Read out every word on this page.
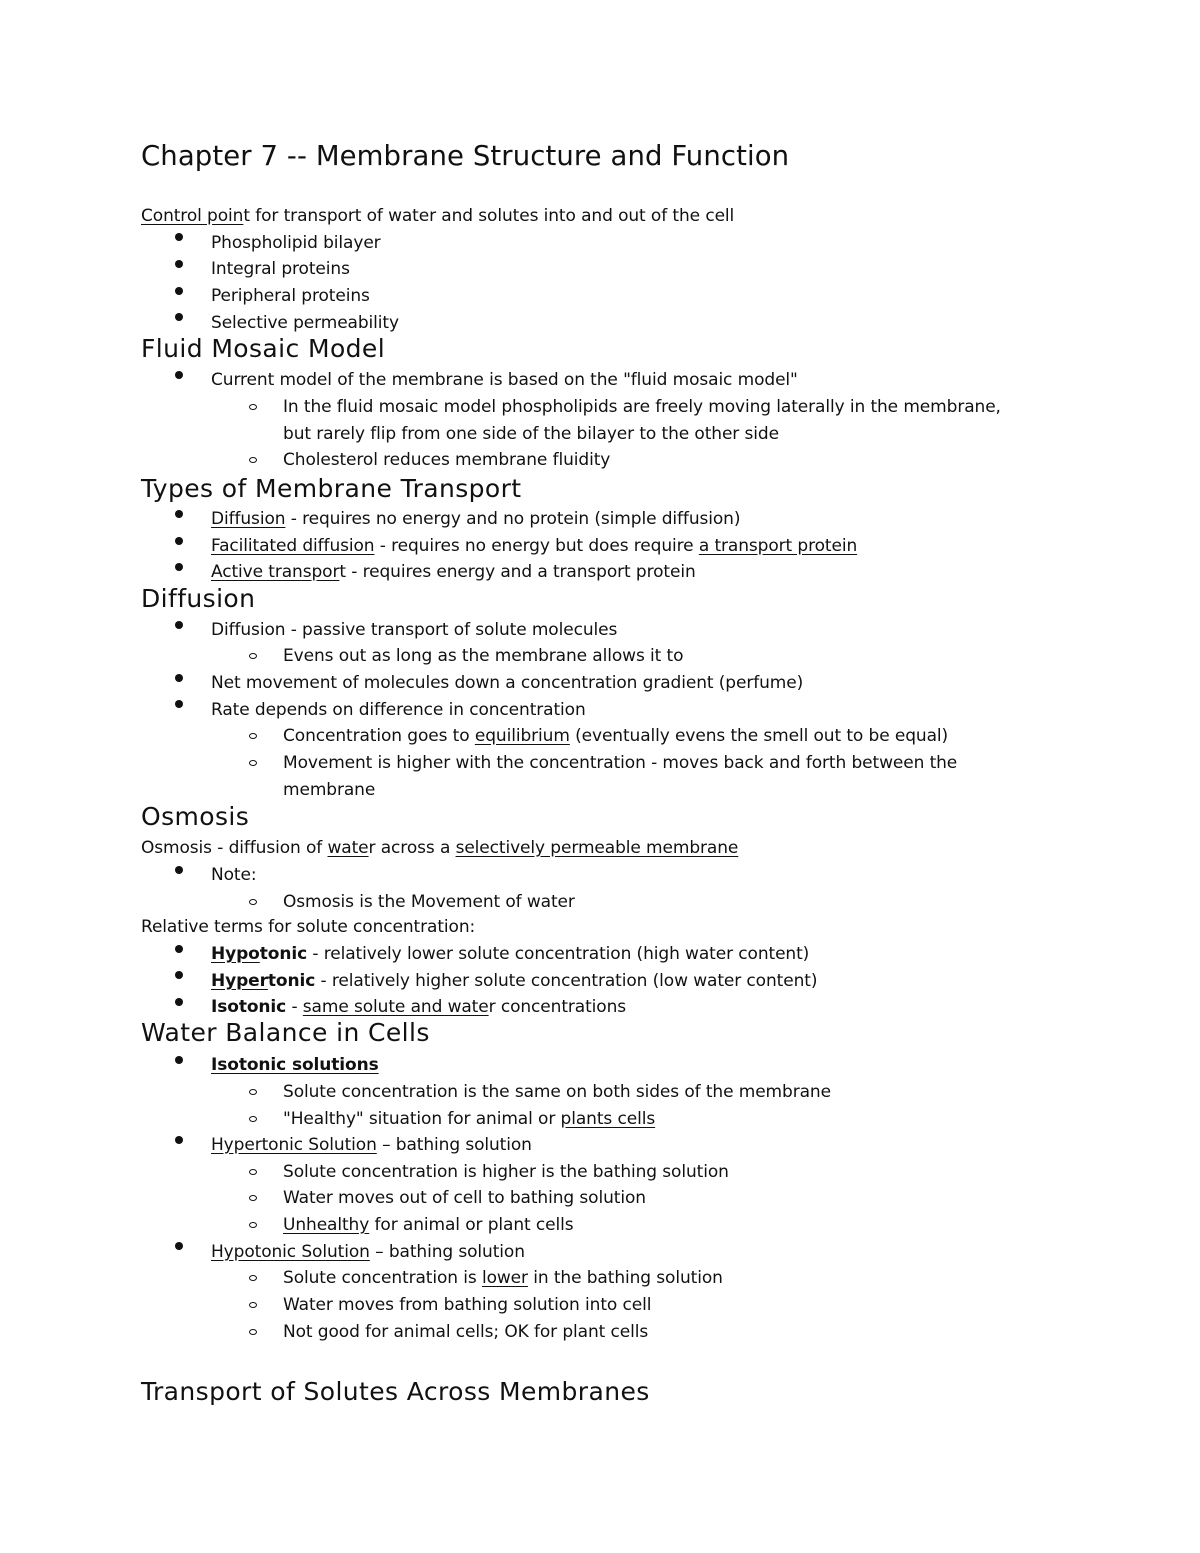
Chapter 7 -- Membrane Structure and Function
Control point for transport of water and solutes into and out of the cell
Phospholipid bilayer
Integral proteins
Peripheral proteins
Selective permeability
Fluid Mosaic Model
Current model of the membrane is based on the "fluid mosaic model"
In the fluid mosaic model phospholipids are freely moving laterally in the membrane,
but rarely flip from one side of the bilayer to the other side
Cholesterol reduces membrane fluidity
Types of Membrane Transport
Diffusion - requires no energy and no protein (simple diffusion)
Facilitated diffusion - requires no energy but does require a transport protein
Active transport - requires energy and a transport protein
Diffusion
Diffusion - passive transport of solute molecules
Evens out as long as the membrane allows it to
Net movement of molecules down a concentration gradient (perfume)
Rate depends on difference in concentration
Concentration goes to equilibrium (eventually evens the smell out to be equal)
Movement is higher with the concentration - moves back and forth between the
membrane
Osmosis
Osmosis - diffusion of water across a selectively permeable membrane
Note:
Osmosis is the Movement of water
Relative terms for solute concentration:
Hypotonic - relatively lower solute concentration (high water content)
Hypertonic - relatively higher solute concentration (low water content)
Isotonic - same solute and water concentrations
Water Balance in Cells
Isotonic solutions
Solute concentration is the same on both sides of the membrane
"Healthy" situation for animal or plants cells
Hypertonic Solution – bathing solution
Solute concentration is higher is the bathing solution
Water moves out of cell to bathing solution
Unhealthy for animal or plant cells
Hypotonic Solution – bathing solution
Solute concentration is lower in the bathing solution
Water moves from bathing solution into cell
Not good for animal cells; OK for plant cells
Transport of Solutes Across Membranes
